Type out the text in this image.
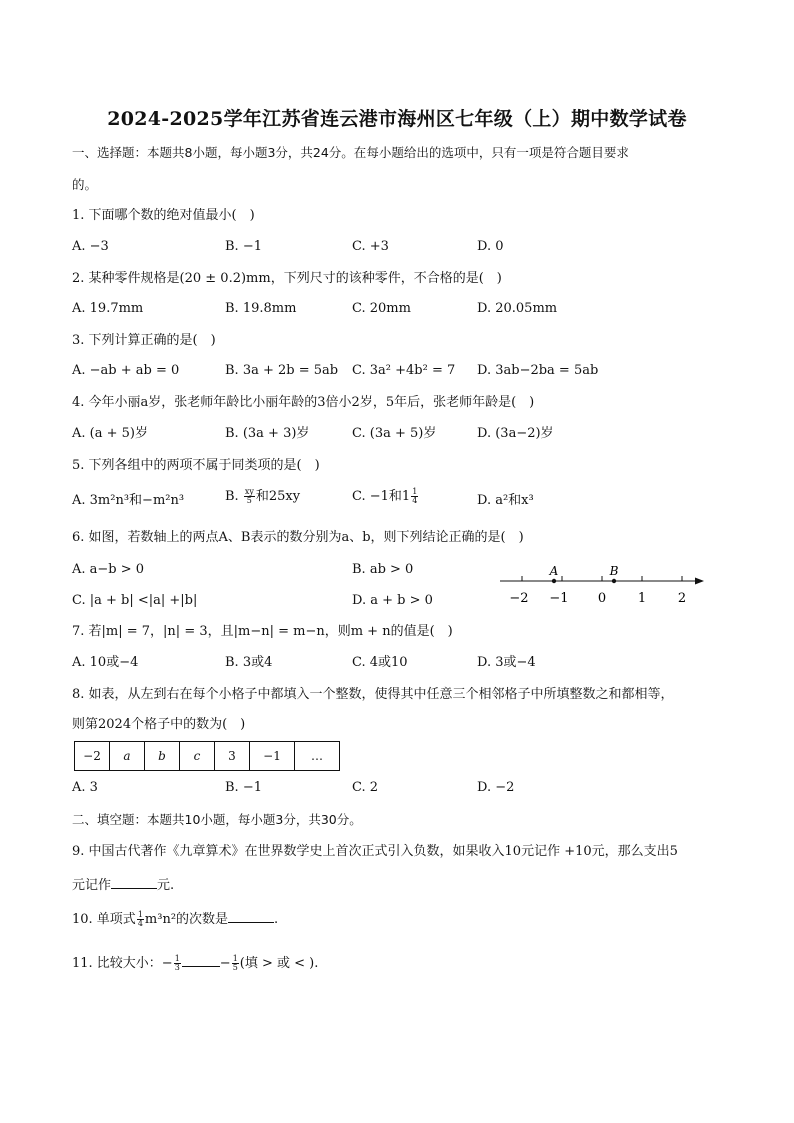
2024-2025学年江苏省连云港市海州区七年级（上）期中数学试卷
一、选择题：本题共8小题，每小题3分，共24分。在每小题给出的选项中，只有一项是符合题目要求
的。
1. 下面哪个数的绝对值最小(　)
A. −3	B. −1	C. +3	D. 0
2. 某种零件规格是(20 ± 0.2)mm，下列尺寸的该种零件，不合格的是(　)
A. 19.7mm	B. 19.8mm	C. 20mm	D. 20.05mm
3. 下列计算正确的是(　)
A. −ab + ab = 0	B. 3a + 2b = 5ab C. 3a² +4b² = 7 D. 3ab−2ba = 5ab
4. 今年小丽a岁，张老师年龄比小丽年龄的3倍小2岁，5年后，张老师年龄是(　)
A. (a + 5)岁	B. (3a + 3)岁	C. (3a + 5)岁	D. (3a−2)岁
5. 下列各组中的两项不属于同类项的是(　)
A. 3m²n³和−m²n³	B. $\frac{xy}{5}$ 和25xy	C. −1和$1 \frac{1}{4}$	D. a²和x³
6. 如图，若数轴上的两点A、B表示的数分别为a、b，则下列结论正确的是(　)
A. a−b > 0	B. ab > 0
C. |a + b| <|a| +|b|	D. a + b > 0	−2 −1 0 1 2
A	B
7. 若|m| = 7，|n| = 3，且|m−n| = m−n，则m + n的值是(　)
A. 10或−4	B. 3或4	C. 4或10	D. 3或−4
8. 如表，从左到右在每个小格子中都填入一个整数，使得其中任意三个相邻格子中所填整数之和都相等，
则第2024个格子中的数为(　)
−2	a	b	c	3	−1	…
A. 3	B. −1	C. 2	D. −2
二、填空题：本题共10小题，每小题3分，共30分。
9. 中国古代著作《九章算术》在世界数学史上首次正式引入负数，如果收入10元记作 +10元，那么支出5
元记作	元.
10. 单项式 $\frac{1}{4} m^3n^2$的次数是	.
11. 比较大小：− $\frac{1}{3}$	− $\frac{1}{5}$ (填 > 或 < ).
